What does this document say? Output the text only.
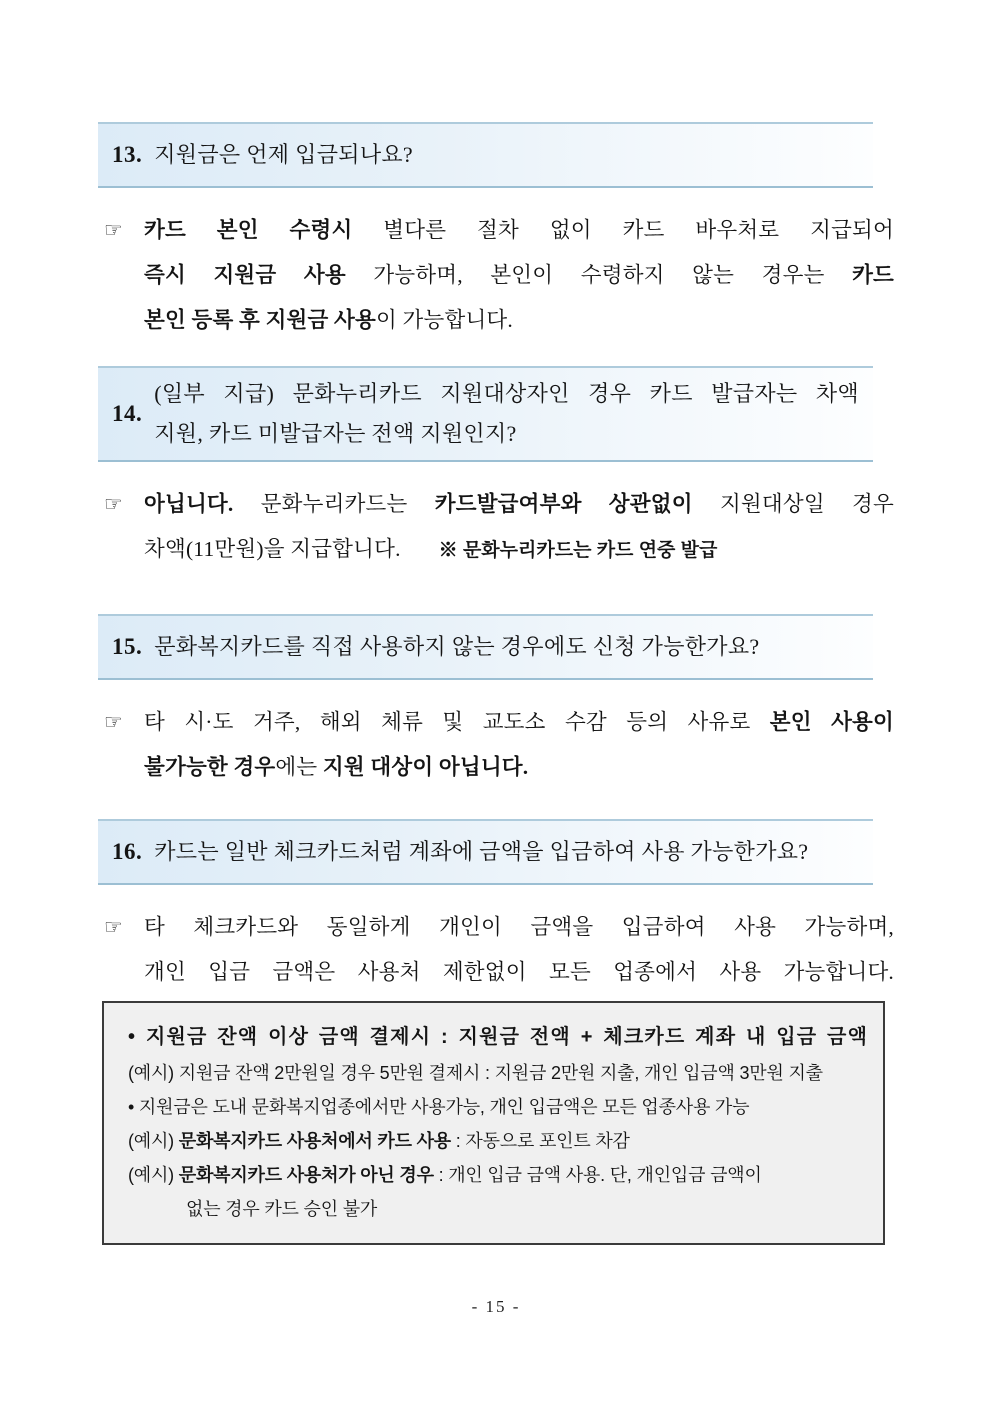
13. 지원금은 언제 입금되나요?
☞ 카드 본인 수령시 별다른 절차 없이 카드 바우처로 지급되어
즉시 지원금 사용 가능하며, 본인이 수령하지 않는 경우는 카드
본인 등록 후 지원금 사용이 가능합니다.
14.
(일부 지급) 문화누리카드 지원대상자인 경우 카드 발급자는 차액
지원, 카드 미발급자는 전액 지원인지?
☞ 아닙니다. 문화누리카드는 카드발급여부와 상관없이 지원대상일 경우
차액(11만원)을 지급합니다. ※ 문화누리카드는 카드 연중 발급
15. 문화복지카드를 직접 사용하지 않는 경우에도 신청 가능한가요?
☞ 타 시·도 거주, 해외 체류 및 교도소 수감 등의 사유로 본인 사용이
불가능한 경우에는 지원 대상이 아닙니다.
16. 카드는 일반 체크카드처럼 계좌에 금액을 입금하여 사용 가능한가요?
☞ 타 체크카드와 동일하게 개인이 금액을 입금하여 사용 가능하며,
개인 입금 금액은 사용처 제한없이 모든 업종에서 사용 가능합니다.
• 지원금 잔액 이상 금액 결제시 : 지원금 전액 + 체크카드 계좌 내 입금 금액
(예시) 지원금 잔액 2만원일 경우 5만원 결제시 : 지원금 2만원 지출, 개인 입금액 3만원 지출
• 지원금은 도내 문화복지업종에서만 사용가능, 개인 입금액은 모든 업종사용 가능
(예시) 문화복지카드 사용처에서 카드 사용 : 자동으로 포인트 차감
(예시) 문화복지카드 사용처가 아닌 경우 : 개인 입금 금액 사용. 단, 개인입금 금액이
없는 경우 카드 승인 불가
- 15 -
